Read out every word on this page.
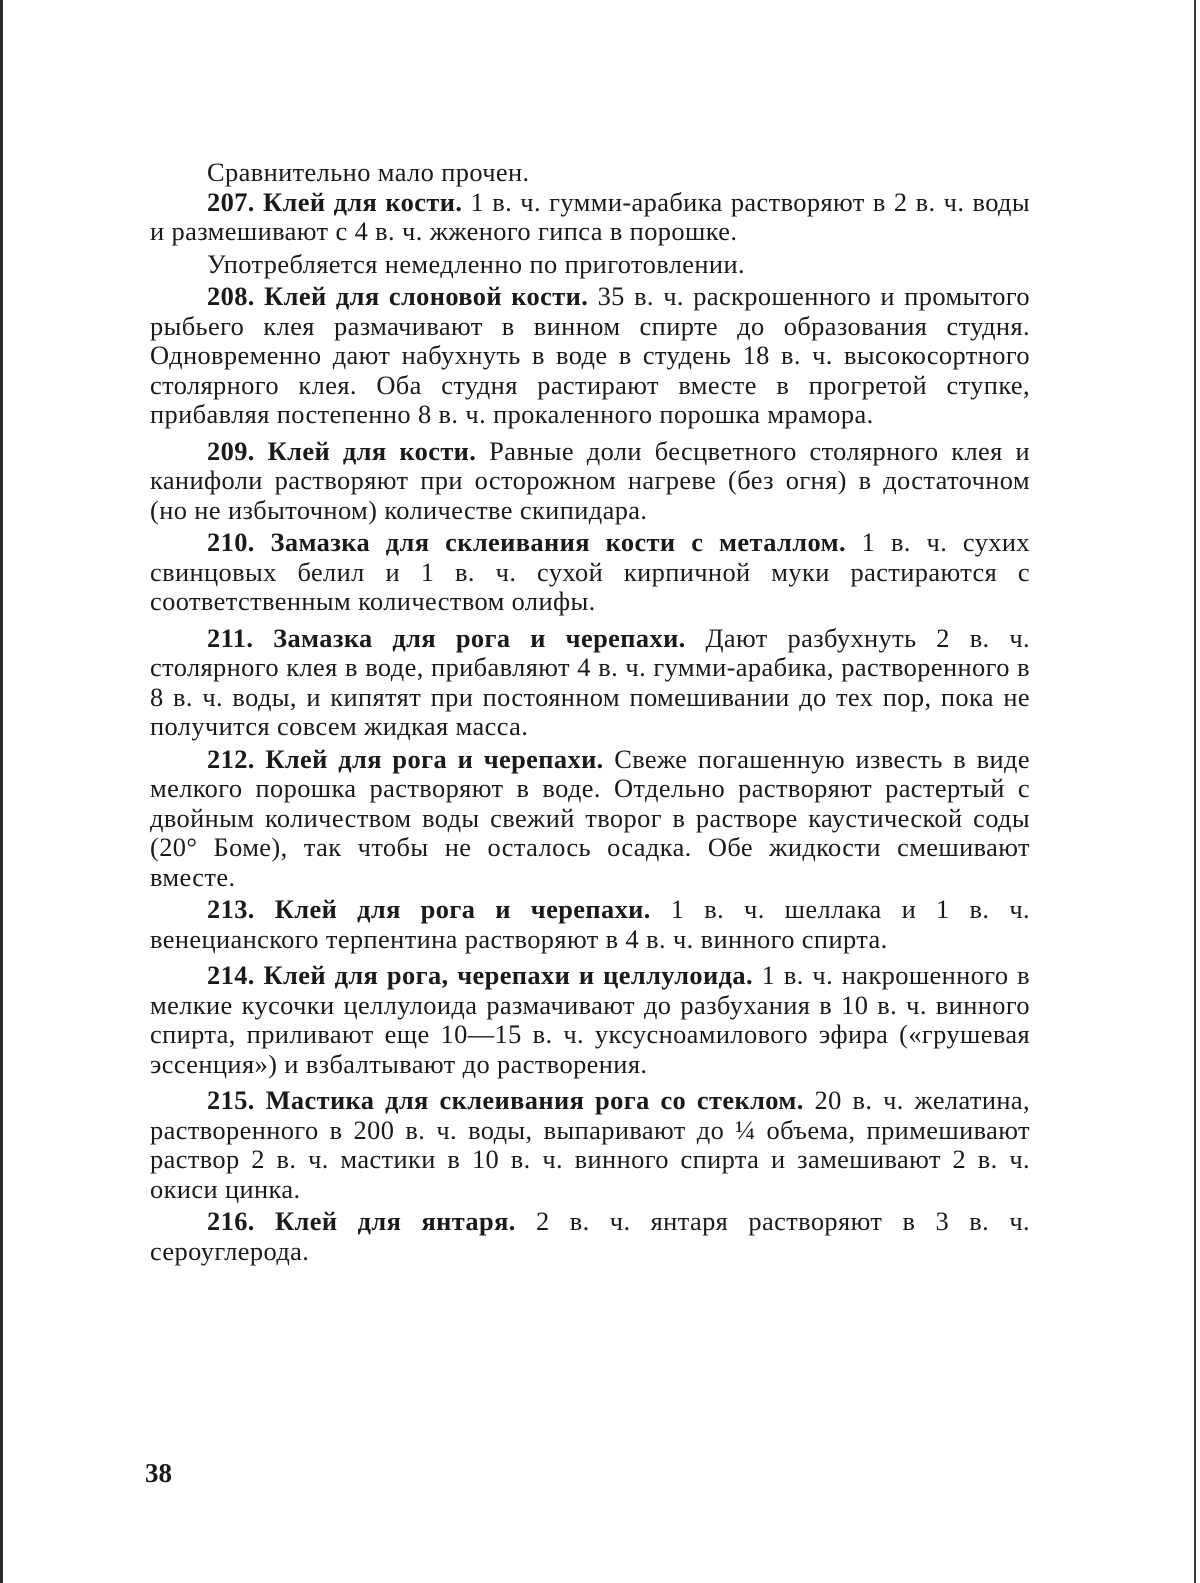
Сравнительно мало прочен.

207. Клей для кости. 1 в. ч. гумми-арабика растворяют в 2 в. ч. воды и размешивают с 4 в. ч. жженого гипса в порошке.

Употребляется немедленно по приготовлении.

208. Клей для слоновой кости. 35 в. ч. раскрошенного и промытого рыбьего клея размачивают в винном спирте до образования студня. Одновременно дают набухнуть в воде в студень 18 в. ч. высокосортного столярного клея. Оба студня растирают вместе в прогретой ступке, прибавляя постепенно 8 в. ч. прокаленного порошка мрамора.

209. Клей для кости. Равные доли бесцветного столярного клея и канифоли растворяют при осторожном нагреве (без огня) в достаточном (но не избыточном) количестве скипидара.

210. Замазка для склеивания кости с металлом. 1 в. ч. сухих свинцовых белил и 1 в. ч. сухой кирпичной муки растираются с соответственным количеством олифы.

211. Замазка для рога и черепахи. Дают разбухнуть 2 в. ч. столярного клея в воде, прибавляют 4 в. ч. гумми-арабика, растворенного в 8 в. ч. воды, и кипятят при постоянном помешивании до тех пор, пока не получится совсем жидкая масса.

212. Клей для рога и черепахи. Свеже погашенную известь в виде мелкого порошка растворяют в воде. Отдельно растворяют растертый с двойным количеством воды свежий творог в растворе каустической соды (20° Боме), так чтобы не осталось осадка. Обе жидкости смешивают вместе.

213. Клей для рога и черепахи. 1 в. ч. шеллака и 1 в. ч. венецианского терпентина растворяют в 4 в. ч. винного спирта.

214. Клей для рога, черепахи и целлулоида. 1 в. ч. накрошенного в мелкие кусочки целлулоида размачивают до разбухания в 10 в. ч. винного спирта, приливают еще 10—15 в. ч. уксусноамилового эфира («грушевая эссенция») и взбалтывают до растворения.

215. Мастика для склеивания рога со стеклом. 20 в. ч. желатина, растворенного в 200 в. ч. воды, выпаривают до ¼ объема, примешивают раствор 2 в. ч. мастики в 10 в. ч. винного спирта и замешивают 2 в. ч. окиси цинка.

216. Клей для янтаря. 2 в. ч. янтаря растворяют в 3 в. ч. сероуглерода.

38
